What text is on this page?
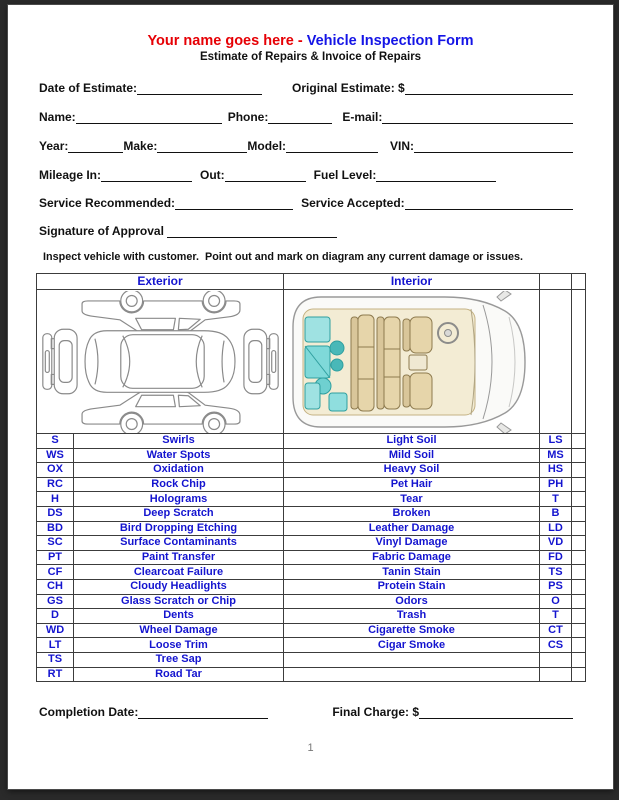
Your name goes here - Vehicle Inspection Form
Estimate of Repairs & Invoice of Repairs
Date of Estimate:	Original Estimate: $
Name:	Phone:	E-mail:
Year:	Make:	Model:	VIN:
Mileage In:	Out:	Fuel Level:
Service Recommended:	Service Accepted:
Signature of Approval

Inspect vehicle with customer.  Point out and mark on diagram any current damage or issues.
Exterior	Interior
S	Swirls	Light Soil	LS
WS	Water Spots	Mild Soil	MS
OX	Oxidation	Heavy Soil	HS
RC	Rock Chip	Pet Hair	PH
H	Holograms	Tear	T
DS	Deep Scratch	Broken	B
BD	Bird Dropping Etching	Leather Damage	LD
SC	Surface Contaminants	Vinyl Damage	VD
PT	Paint Transfer	Fabric Damage	FD
CF	Clearcoat Failure	Tanin Stain	TS
CH	Cloudy Headlights	Protein Stain	PS
GS	Glass Scratch or Chip	Odors	O
D	Dents	Trash	T
WD	Wheel Damage	Cigarette Smoke	CT
LT	Loose Trim	Cigar Smoke	CS
TS	Tree Sap
RT	Road Tar
Completion Date:	Final Charge: $
1
